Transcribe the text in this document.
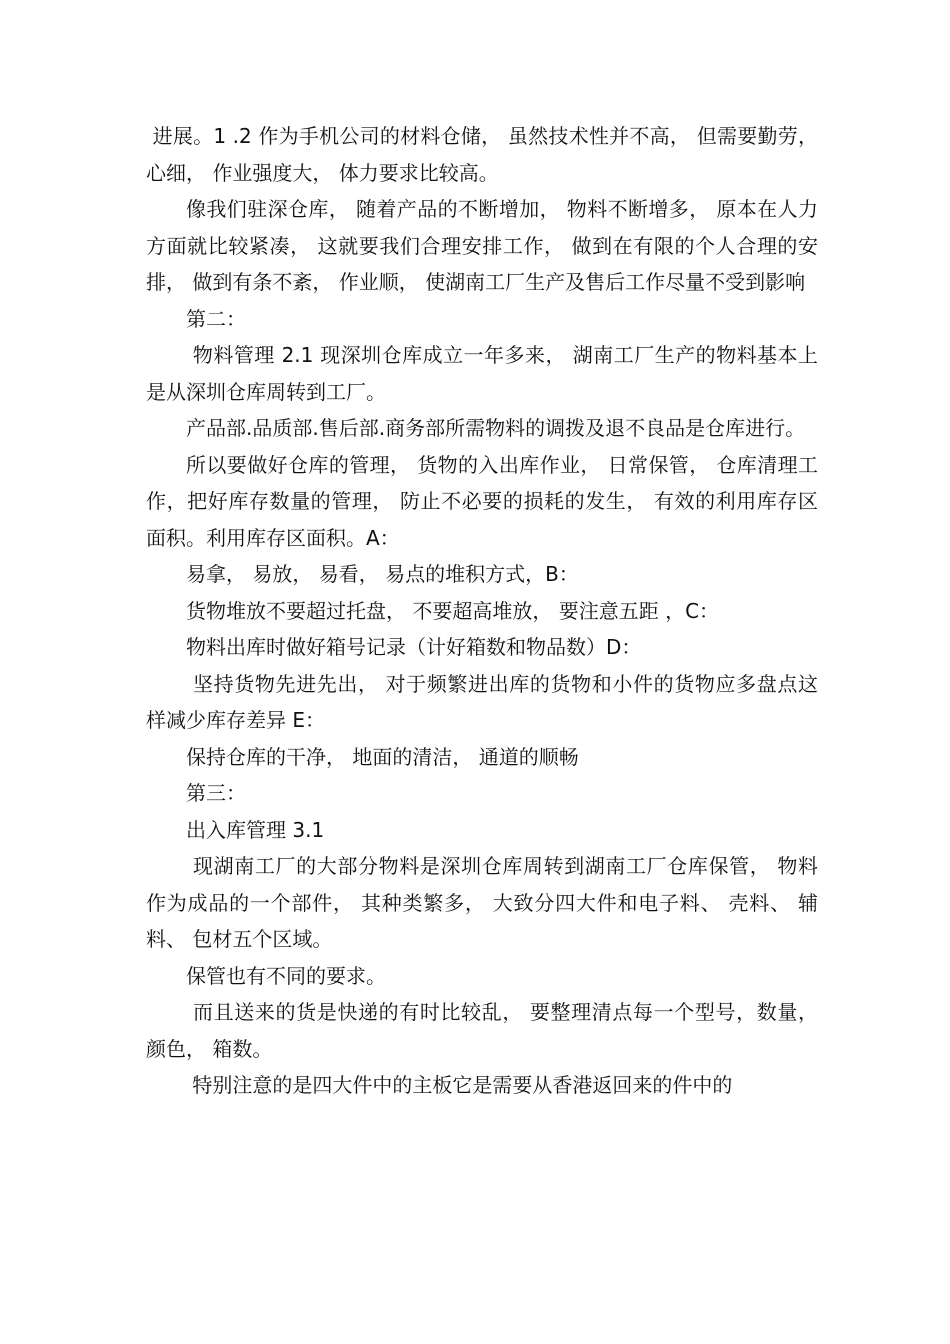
进展。1 .2 作为手机公司的材料仓储， 虽然技术性并不高， 但需要勤劳， 心细， 作业强度大， 体力要求比较高。

像我们驻深仓库， 随着产品的不断增加， 物料不断增多， 原本在人力方面就比较紧凑， 这就要我们合理安排工作， 做到在有限的个人合理的安排， 做到有条不紊， 作业顺， 使湖南工厂生产及售后工作尽量不受到影响

第二：

物料管理 2.1 现深圳仓库成立一年多来， 湖南工厂生产的物料基本上是从深圳仓库周转到工厂。

产品部.品质部.售后部.商务部所需物料的调拨及退不良品是仓库进行。

所以要做好仓库的管理， 货物的入出库作业， 日常保管， 仓库清理工作，把好库存数量的管理， 防止不必要的损耗的发生， 有效的利用库存区面积。利用库存区面积。A：

易拿， 易放， 易看， 易点的堆积方式，B：

货物堆放不要超过托盘， 不要超高堆放， 要注意五距 ，C：

物料出库时做好箱号记录（计好箱数和物品数）D：

坚持货物先进先出， 对于频繁进出库的货物和小件的货物应多盘点这样减少库存差异 E：

保持仓库的干净， 地面的清洁， 通道的顺畅

第三：

出入库管理 3.1

现湖南工厂的大部分物料是深圳仓库周转到湖南工厂仓库保管， 物料作为成品的一个部件， 其种类繁多， 大致分四大件和电子料、 壳料、 辅料、 包材五个区域。

保管也有不同的要求。

而且送来的货是快递的有时比较乱， 要整理清点每一个型号，数量， 颜色， 箱数。

特别注意的是四大件中的主板它是需要从香港返回来的件中的
